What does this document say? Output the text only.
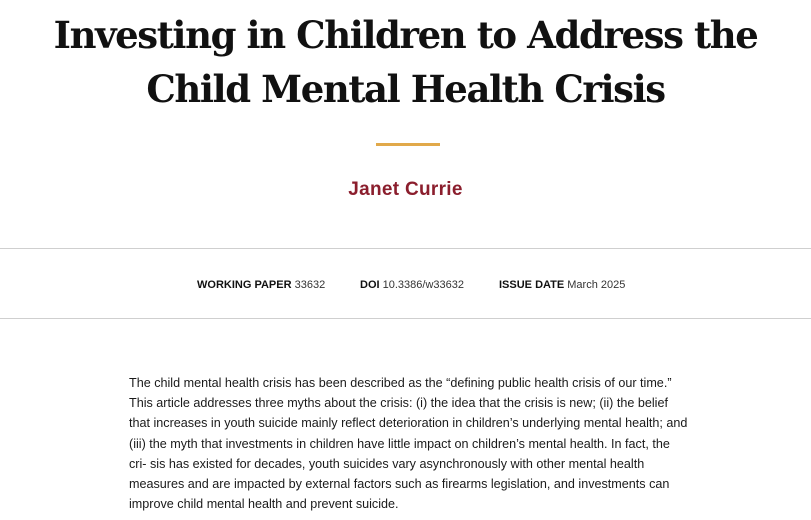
Investing in Children to Address the Child Mental Health Crisis
Janet Currie
WORKING PAPER 33632	DOI 10.3386/w33632	ISSUE DATE March 2025

The child mental health crisis has been described as the “defining public health crisis of our time.” This article addresses three myths about the crisis: (i) the idea that the crisis is new; (ii) the belief that increases in youth suicide mainly reflect deterioration in children’s underlying mental health; and (iii) the myth that investments in children have little impact on children’s mental health. In fact, the cri- sis has existed for decades, youth suicides vary asynchronously with other mental health measures and are impacted by external factors such as firearms legislation, and investments can improve child mental health and prevent suicide.
